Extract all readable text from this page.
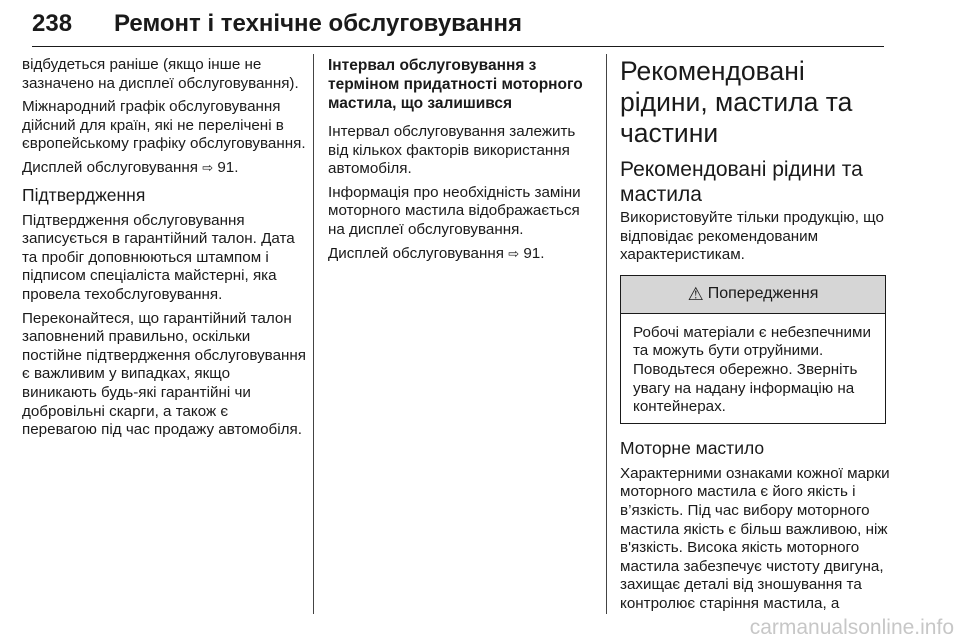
238 Ремонт і технічне обслуговування

відбудеться раніше (якщо інше не зазначено на дисплеї обслуговування).

Міжнародний графік обслуговування дійсний для країн, які не перелічені в європейському графіку обслуговування.

Дисплей обслуговування ⇨ 91.

Підтвердження

Підтвердження обслуговування записується в гарантійний талон. Дата та пробіг доповнюються штампом і підписом спеціаліста майстерні, яка провела техобслуговування.

Переконайтеся, що гарантійний талон заповнений правильно, оскільки постійне підтвердження обслуговування є важливим у випадках, якщо виникають будь-які гарантійні чи добровільні скарги, а також є перевагою під час продажу автомобіля.

Інтервал обслуговування з терміном придатності моторного мастила, що залишився

Інтервал обслуговування залежить від кількох факторів використання автомобіля.

Інформація про необхідність заміни моторного мастила відображається на дисплеї обслуговування.

Дисплей обслуговування ⇨ 91.

Рекомендовані рідини, мастила та частини
Рекомендовані рідини та мастила

Використовуйте тільки продукцію, що відповідає рекомендованим характеристикам.

⚠ Попередження

Робочі матеріали є небезпечними та можуть бути отруйними. Поводьтеся обережно. Зверніть увагу на надану інформацію на контейнерах.

Моторне мастило

Характерними ознаками кожної марки моторного мастила є його якість і в’язкість. Під час вибору моторного мастила якість є більш важливою, ніж в'язкість. Висока якість моторного мастила забезпечує чистоту двигуна, захищає деталі від зношування та контролює старіння мастила, а

carmanualsonline.info
